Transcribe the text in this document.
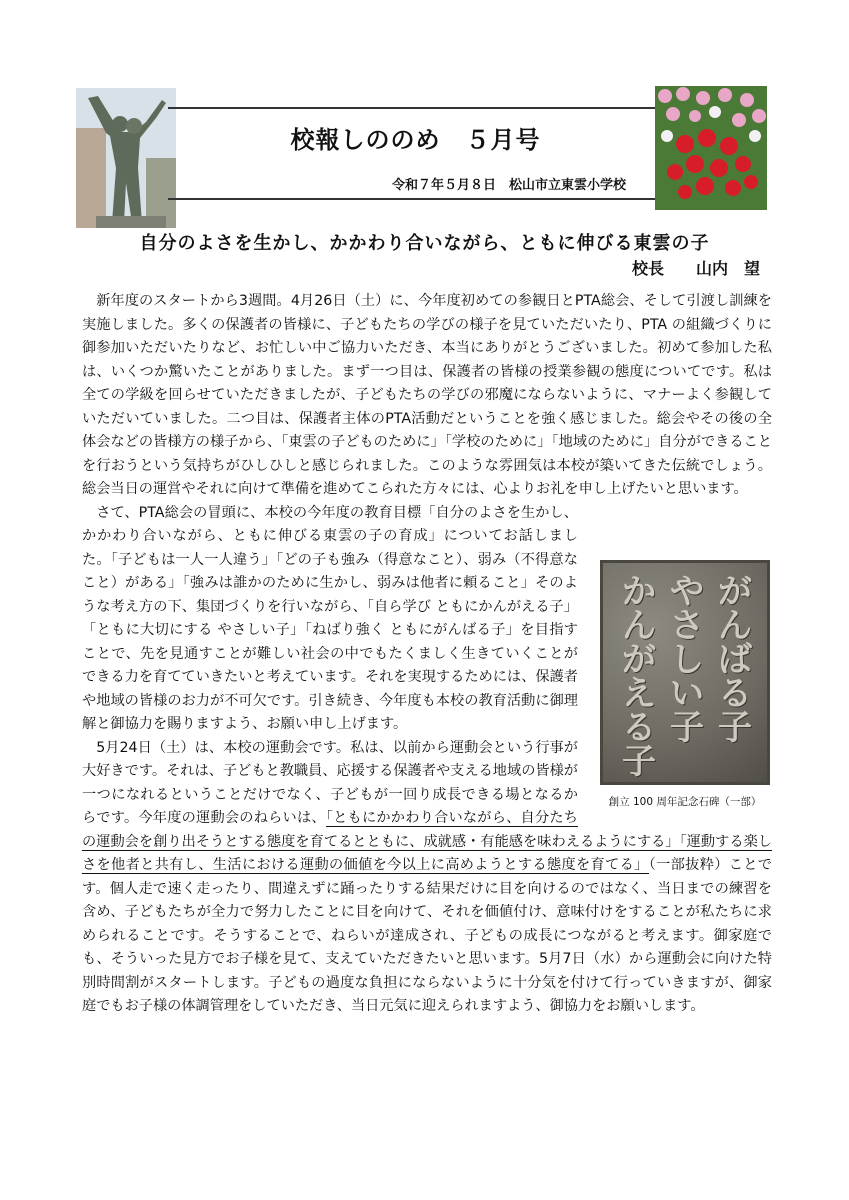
校報しののめ　５月号
令和７年５月８日　松山市立東雲小学校
自分のよさを生かし、かかわり合いながら、ともに伸びる東雲の子
校長　　山内　望

新年度のスタートから3週間。4月26日（土）に、今年度初めての参観日とPTA総会、そして引渡し訓練を実施しました。多くの保護者の皆様に、子どもたちの学びの様子を見ていただいたり、PTA の組織づくりに御参加いただいたりなど、お忙しい中ご協力いただき、本当にありがとうございました。初めて参加した私は、いくつか驚いたことがありました。まず一つ目は、保護者の皆様の授業参観の態度についてです。私は全ての学級を回らせていただきましたが、子どもたちの学びの邪魔にならないように、マナーよく参観していただいていました。二つ目は、保護者主体のPTA活動だということを強く感じました。総会やその後の全体会などの皆様方の様子から、「東雲の子どものために」「学校のために」「地域のために」自分ができることを行おうという気持ちがひしひしと感じられました。このような雰囲気は本校が築いてきた伝統でしょう。総会当日の運営やそれに向けて準備を進めてこられた方々には、心よりお礼を申し上げたいと思います。

かんがえる子
やさしい子
がんばる子
創立 100 周年記念石碑（一部）

さて、PTA総会の冒頭に、本校の今年度の教育目標「自分のよさを生かし、かかわり合いながら、ともに伸びる東雲の子の育成」についてお話しました。「子どもは一人一人違う」「どの子も強み（得意なこと）、弱み（不得意なこと）がある」「強みは誰かのために生かし、弱みは他者に頼ること」そのような考え方の下、集団づくりを行いながら、「自ら学び ともにかんがえる子」「ともに大切にする やさしい子」「ねばり強く ともにがんばる子」を目指すことで、先を見通すことが難しい社会の中でもたくましく生きていくことができる力を育てていきたいと考えています。それを実現するためには、保護者や地域の皆様のお力が不可欠です。引き続き、今年度も本校の教育活動に御理解と御協力を賜りますよう、お願い申し上げます。

5月24日（土）は、本校の運動会です。私は、以前から運動会という行事が大好きです。それは、子どもと教職員、応援する保護者や支える地域の皆様が一つになれるということだけでなく、子どもが一回り成長できる場となるからです。今年度の運動会のねらいは、「ともにかかわり合いながら、自分たちの運動会を創り出そうとする態度を育てるとともに、成就感・有能感を味わえるようにする」「運動する楽しさを他者と共有し、生活における運動の価値を今以上に高めようとする態度を育てる」（一部抜粋）ことです。個人走で速く走ったり、間違えずに踊ったりする結果だけに目を向けるのではなく、当日までの練習を含め、子どもたちが全力で努力したことに目を向けて、それを価値付け、意味付けをすることが私たちに求められることです。そうすることで、ねらいが達成され、子どもの成長につながると考えます。御家庭でも、そういった見方でお子様を見て、支えていただきたいと思います。5月7日（水）から運動会に向けた特別時間割がスタートします。子どもの過度な負担にならないように十分気を付けて行っていきますが、御家庭でもお子様の体調管理をしていただき、当日元気に迎えられますよう、御協力をお願いします。
